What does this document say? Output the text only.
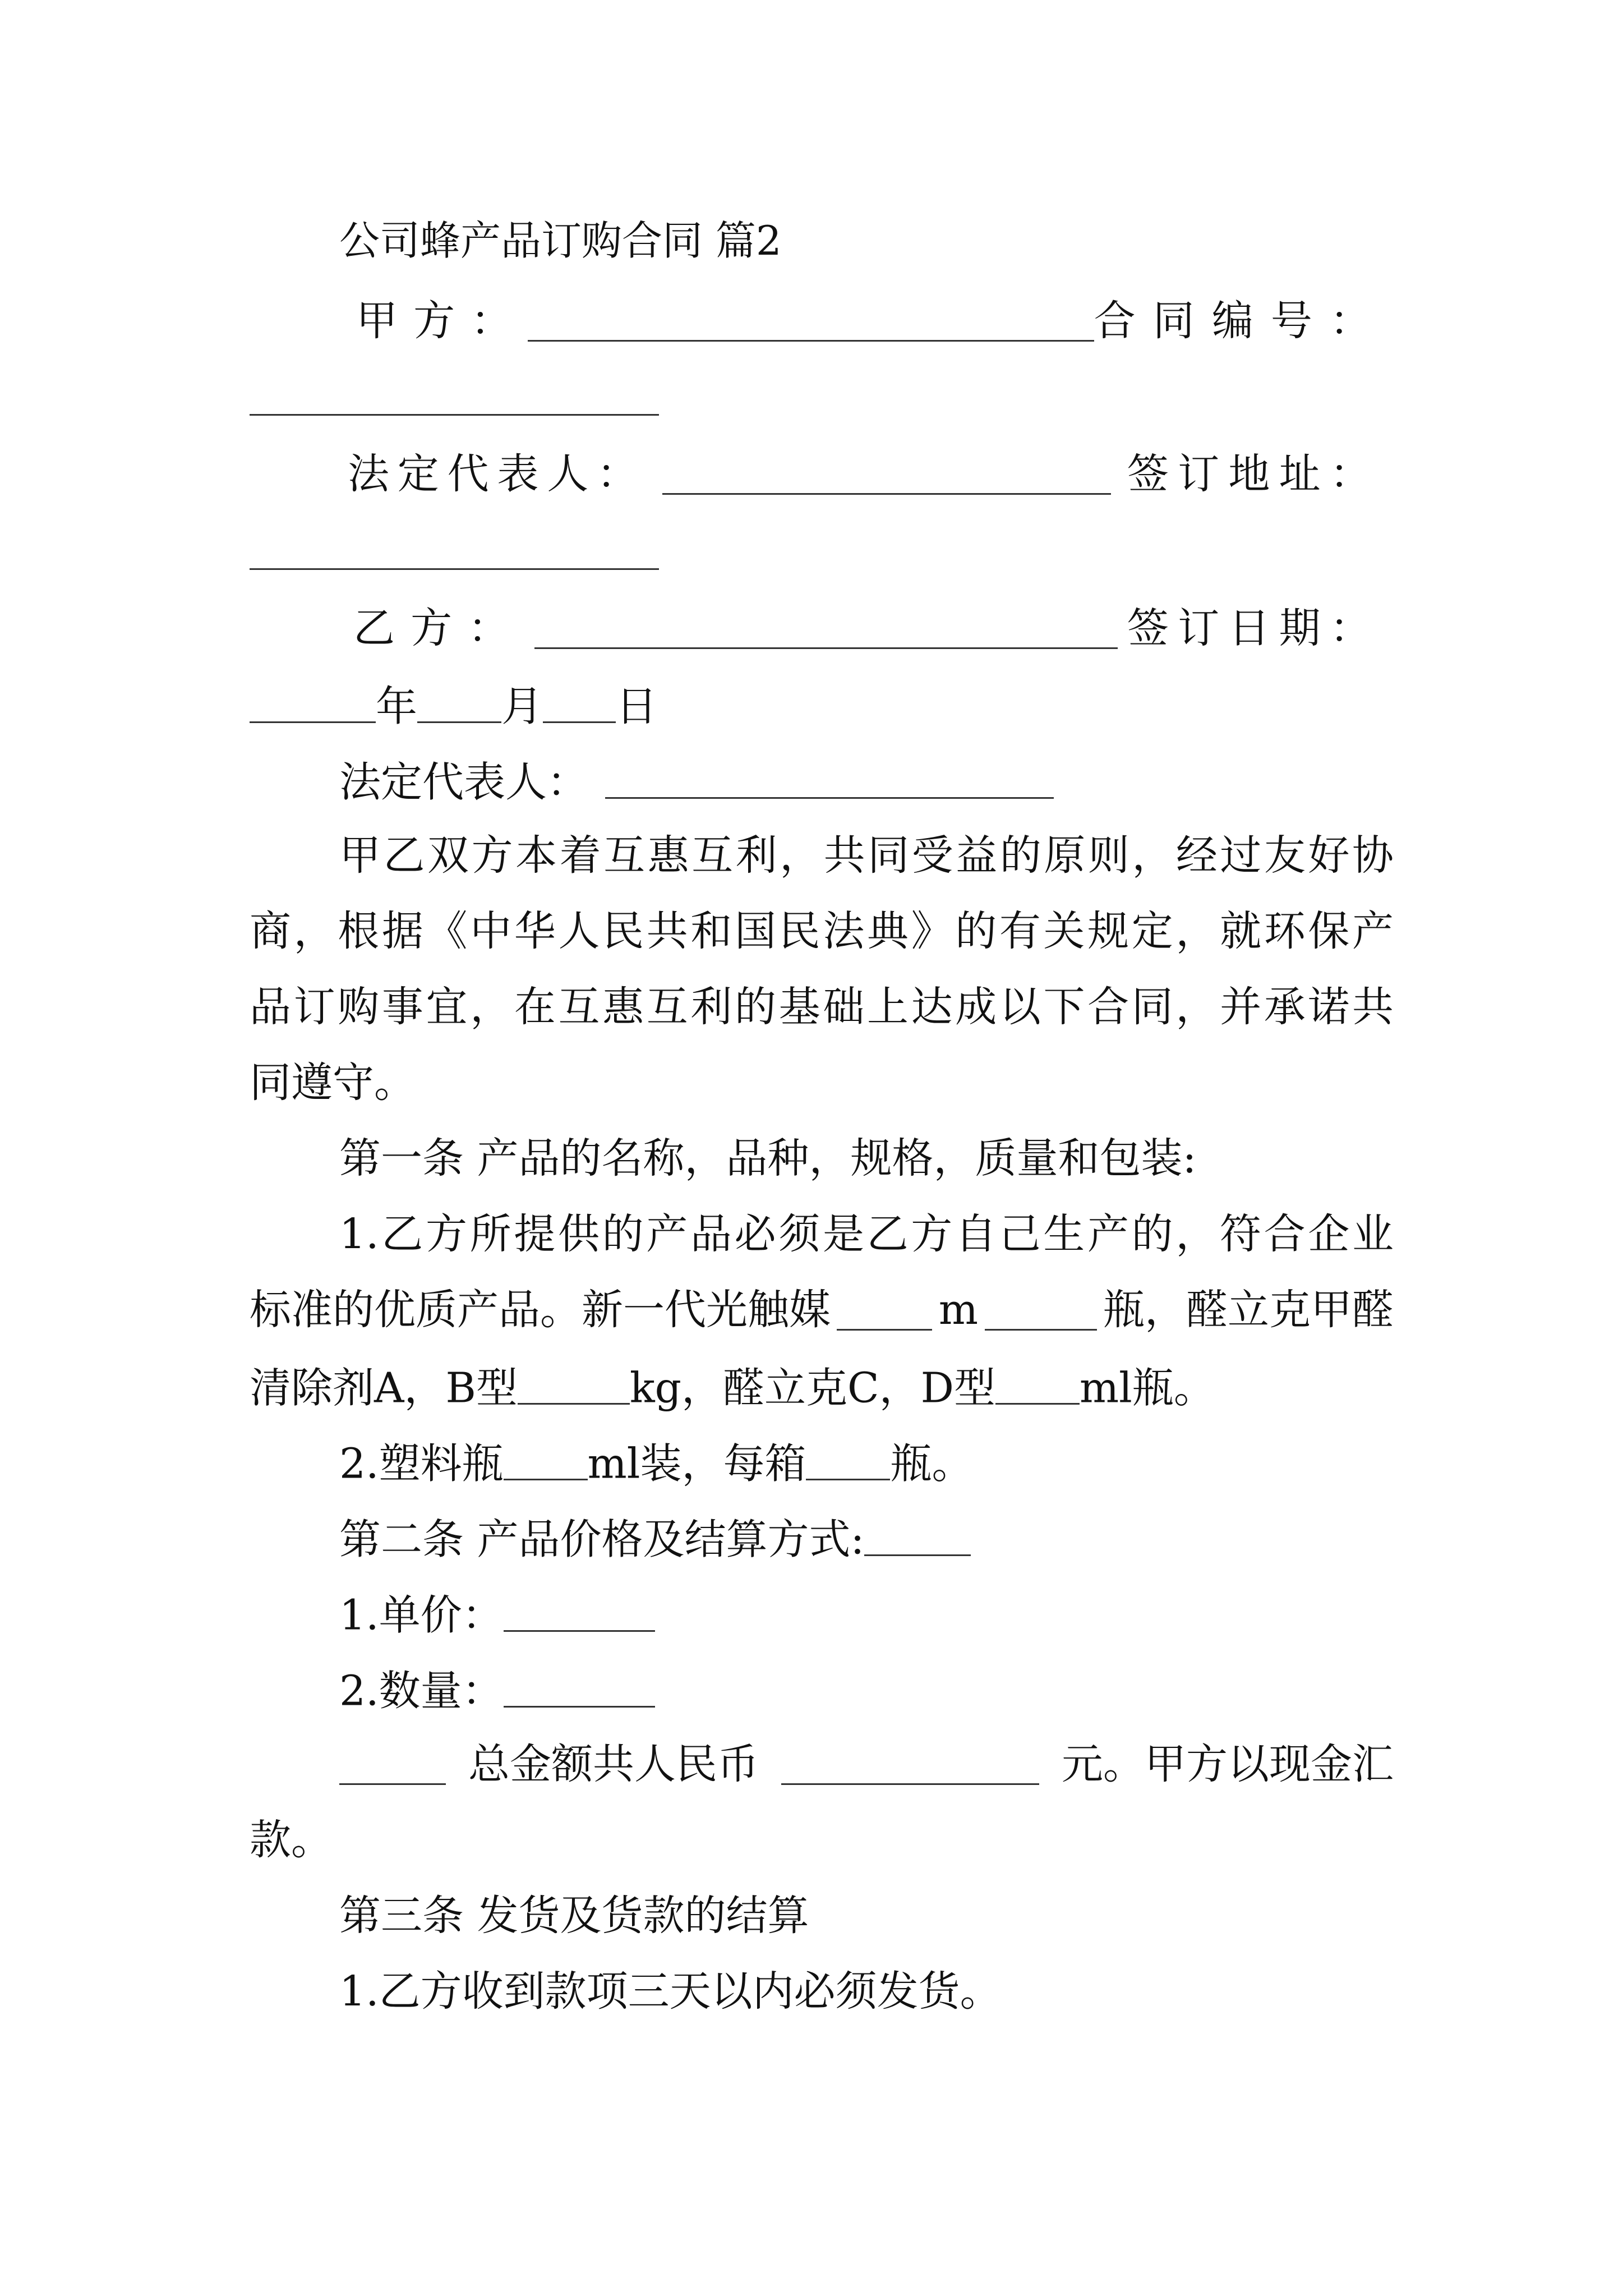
公司蜂产品订购合同 篇2
甲方：	合同编号：
法定代表人：	签订地址：
乙方：	签订日期：
年 月 日
法定代表人：
甲乙双方本着互惠互利，共同受益的原则，经过友好协
商，根据《中华人民共和国民法典》的有关规定，就环保产
品订购事宜，在互惠互利的基础上达成以下合同，并承诺共
同遵守。
第一条 产品的名称，品种，规格，质量和包装:
1.乙方所提供的产品必须是乙方自己生产的，符合企业
标准的优质产品。新一代光触媒	m	瓶，醛立克甲醛
清除剂A，B型	kg，醛立克C，D型 ml瓶。
2.塑料瓶 ml装，每箱 瓶。
第二条 产品价格及结算方式:
1.单价：
2.数量：
总金额共人民币	元。甲方以现金汇
款。
第三条 发货及货款的结算
1.乙方收到款项三天以内必须发货。
